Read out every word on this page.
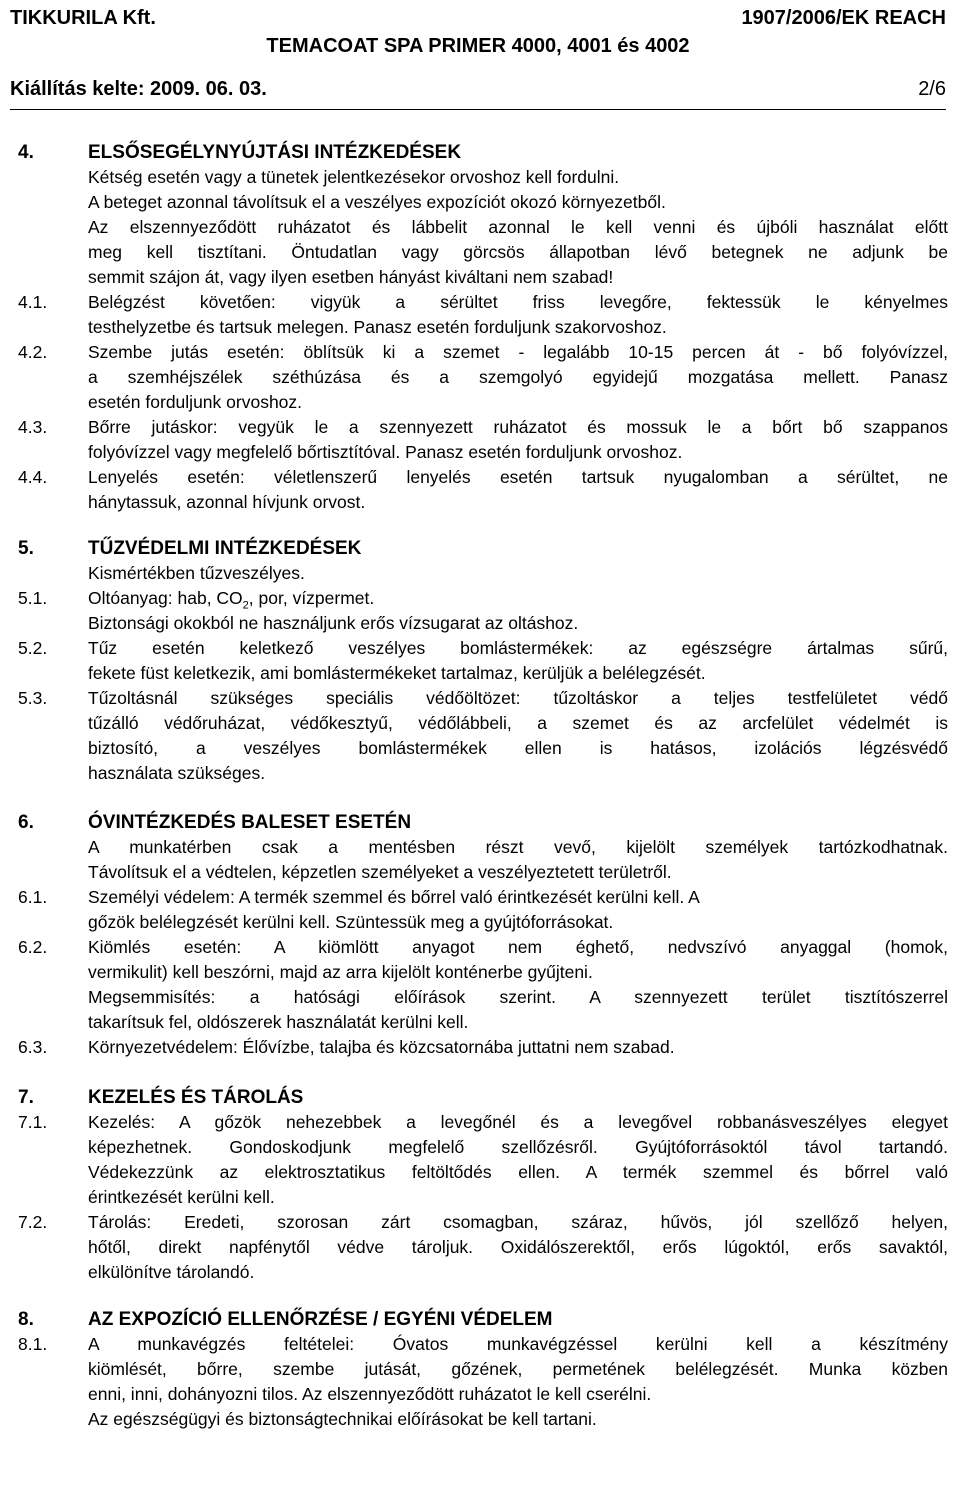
TIKKURILA Kft.	1907/2006/EK REACH
TEMACOAT SPA PRIMER 4000, 4001 és 4002
Kiállítás kelte: 2009. 06. 03.	2/6
4.	ELSŐSEGÉLYNYÚJTÁSI INTÉZKEDÉSEK
Kétség esetén vagy a tünetek jelentkezésekor orvoshoz kell fordulni.
A beteget azonnal távolítsuk el a veszélyes expozíciót okozó környezetből.
Az elszennyeződött ruházatot és lábbelit azonnal le kell venni és újbóli használat előtt
meg kell tisztítani. Öntudatlan vagy görcsös állapotban lévő betegnek ne adjunk be
semmit szájon át, vagy ilyen esetben hányást kiváltani nem szabad!
4.1. Belégzést követően: vigyük a sérültet friss levegőre, fektessük le kényelmes
testhelyzetbe és tartsuk melegen. Panasz esetén forduljunk szakorvoshoz.
4.2. Szembe jutás esetén: öblítsük ki a szemet - legalább 10-15 percen át - bő folyóvízzel,
a szemhéjszélek széthúzása és a szemgolyó egyidejű mozgatása mellett. Panasz
esetén forduljunk orvoshoz.
4.3. Bőrre jutáskor: vegyük le a szennyezett ruházatot és mossuk le a bőrt bő szappanos
folyóvízzel vagy megfelelő bőrtisztítóval. Panasz esetén forduljunk orvoshoz.
4.4. Lenyelés esetén: véletlenszerű lenyelés esetén tartsuk nyugalomban a sérültet, ne
hánytassuk, azonnal hívjunk orvost.
5.	TŰZVÉDELMI INTÉZKEDÉSEK
Kismértékben tűzveszélyes.
5.1. Oltóanyag: hab, $CO_2$, por, vízpermet.
Biztonsági okokból ne használjunk erős vízsugarat az oltáshoz.
5.2. Tűz esetén keletkező veszélyes bomlástermékek: az egészségre ártalmas sűrű,
fekete füst keletkezik, ami bomlástermékeket tartalmaz, kerüljük a belélegzését.
5.3. Tűzoltásnál szükséges speciális védőöltözet: tűzoltáskor a teljes testfelületet védő
tűzálló védőruházat, védőkesztyű, védőlábbeli, a szemet és az arcfelület védelmét is
biztosító, a veszélyes bomlástermékek ellen is hatásos, izolációs légzésvédő
használata szükséges.
6.	ÓVINTÉZKEDÉS BALESET ESETÉN
A munkatérben csak a mentésben részt vevő, kijelölt személyek tartózkodhatnak.
Távolítsuk el a védtelen, képzetlen személyeket a veszélyeztetett területről.
6.1. Személyi védelem: A termék szemmel és bőrrel való érintkezését kerülni kell. A
gőzök belélegzését kerülni kell. Szüntessük meg a gyújtóforrásokat.
6.2. Kiömlés esetén: A kiömlött anyagot nem éghető, nedvszívó anyaggal (homok,
vermikulit) kell beszórni, majd az arra kijelölt konténerbe gyűjteni.
Megsemmisítés: a hatósági előírások szerint. A szennyezett terület tisztítószerrel
takarítsuk fel, oldószerek használatát kerülni kell.
6.3. Környezetvédelem: Élővízbe, talajba és közcsatornába juttatni nem szabad.
7.	KEZELÉS ÉS TÁROLÁS
7.1. Kezelés: A gőzök nehezebbek a levegőnél és a levegővel robbanásveszélyes elegyet
képezhetnek. Gondoskodjunk megfelelő szellőzésről. Gyújtóforrásoktól távol tartandó.
Védekezzünk az elektrosztatikus feltöltődés ellen. A termék szemmel és bőrrel való
érintkezését kerülni kell.
7.2. Tárolás: Eredeti, szorosan zárt csomagban, száraz, hűvös, jól szellőző helyen,
hőtől, direkt napfénytől védve tároljuk. Oxidálószerektől, erős lúgoktól, erős savaktól,
elkülönítve tárolandó.
8.	AZ EXPOZÍCIÓ ELLENŐRZÉSE / EGYÉNI VÉDELEM
8.1. A munkavégzés feltételei: Óvatos munkavégzéssel kerülni kell a készítmény
kiömlését, bőrre, szembe jutását, gőzének, permetének belélegzését. Munka közben
enni, inni, dohányozni tilos. Az elszennyeződött ruházatot le kell cserélni.
Az egészségügyi és biztonságtechnikai előírásokat be kell tartani.
